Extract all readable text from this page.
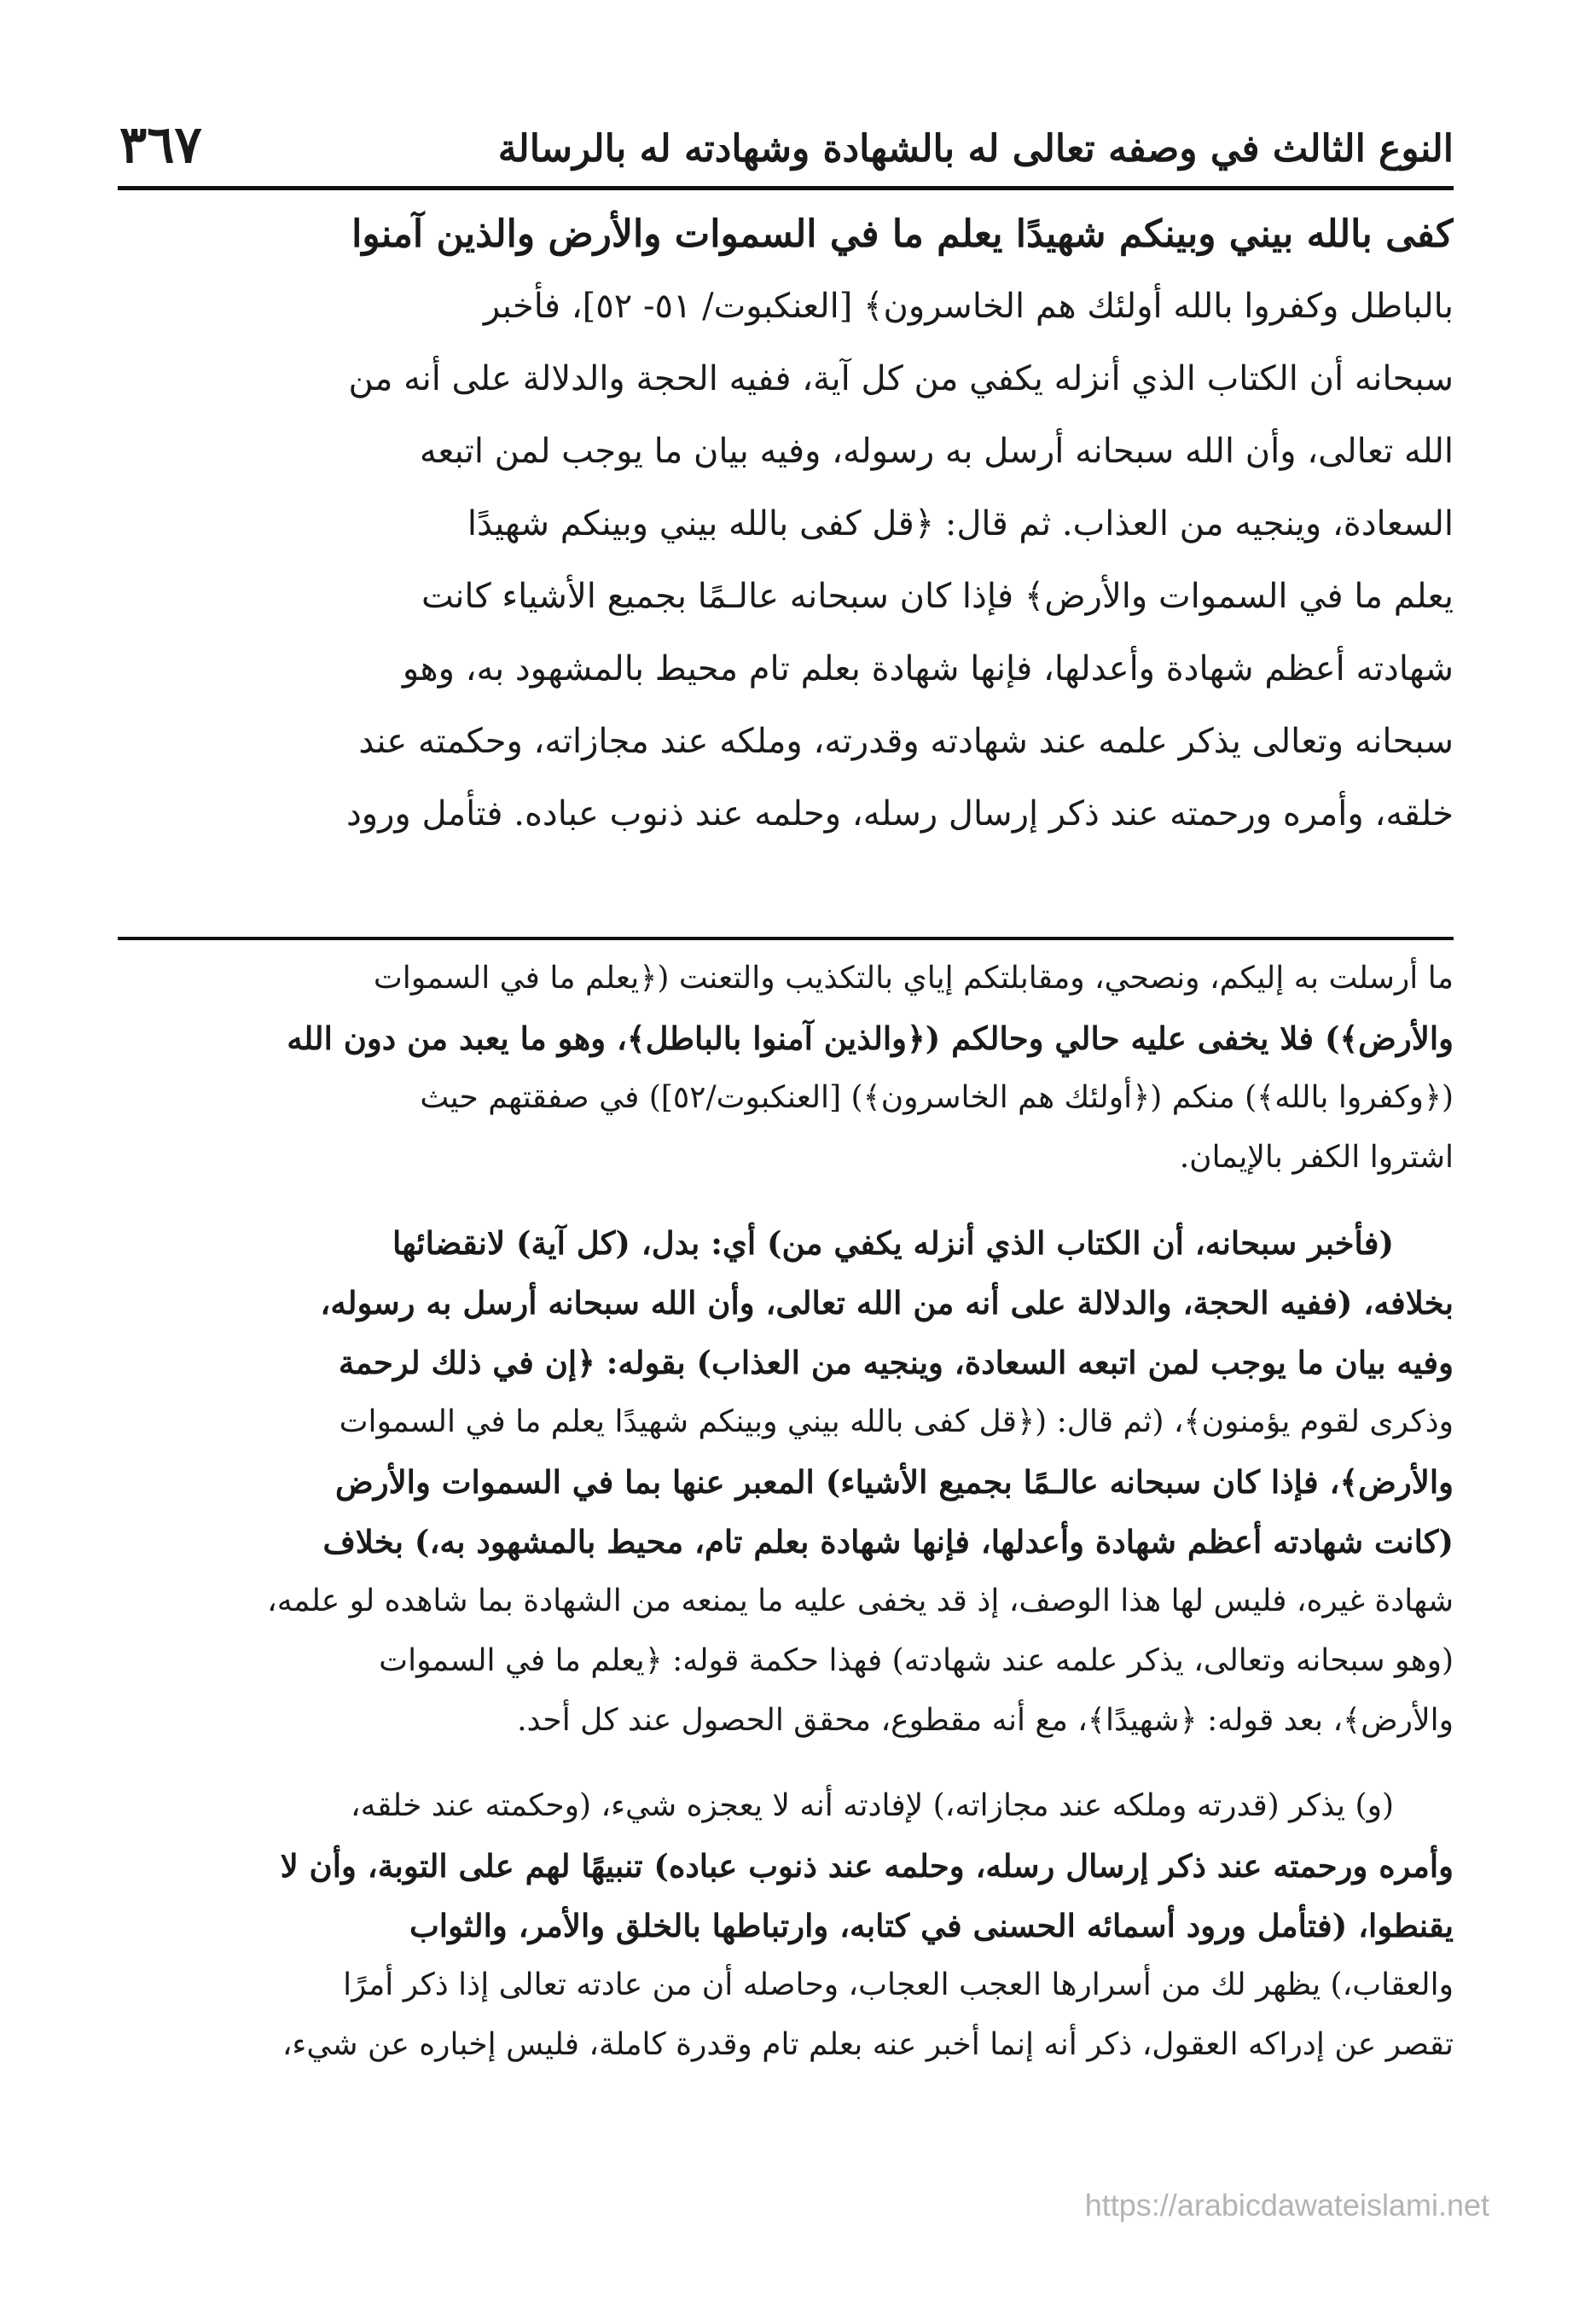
النوع الثالث في وصفه تعالى له بالشهادة وشهادته له بالرسالة
٣٦٧
كفى بالله بيني وبينكم شهيدًا يعلم ما في السموات والأرض والذين آمنوا
بالباطل وكفروا بالله أولئك هم الخاسرون﴾ [العنكبوت/ ٥١- ٥٢]، فأخبر
سبحانه أن الكتاب الذي أنزله يكفي من كل آية، ففيه الحجة والدلالة على أنه من
الله تعالى، وأن الله سبحانه أرسل به رسوله، وفيه بيان ما يوجب لمن اتبعه
السعادة، وينجيه من العذاب. ثم قال: ﴿قل كفى بالله بيني وبينكم شهيدًا
يعلم ما في السموات والأرض﴾ فإذا كان سبحانه عالـمًا بجميع الأشياء كانت
شهادته أعظم شهادة وأعدلها، فإنها شهادة بعلم تام محيط بالمشهود به، وهو
سبحانه وتعالى يذكر علمه عند شهادته وقدرته، وملكه عند مجازاته، وحكمته عند
خلقه، وأمره ورحمته عند ذكر إرسال رسله، وحلمه عند ذنوب عباده. فتأمل ورود
ما أرسلت به إليكم، ونصحي، ومقابلتكم إياي بالتكذيب والتعنت (﴿يعلم ما في السموات
والأرض﴾) فلا يخفى عليه حالي وحالكم (﴿والذين آمنوا بالباطل﴾، وهو ما يعبد من دون الله
(﴿وكفروا بالله﴾) منكم (﴿أولئك هم الخاسرون﴾) [العنكبوت/٥٢]) في صفقتهم حيث
اشتروا الكفر بالإيمان.
(فأخبر سبحانه، أن الكتاب الذي أنزله يكفي من) أي: بدل، (كل آية) لانقضائها
بخلافه، (ففيه الحجة، والدلالة على أنه من الله تعالى، وأن الله سبحانه أرسل به رسوله،
وفيه بيان ما يوجب لمن اتبعه السعادة، وينجيه من العذاب) بقوله: ﴿إن في ذلك لرحمة
وذكرى لقوم يؤمنون﴾، (ثم قال: (﴿قل كفى بالله بيني وبينكم شهيدًا يعلم ما في السموات
والأرض﴾، فإذا كان سبحانه عالـمًا بجميع الأشياء) المعبر عنها بما في السموات والأرض
(كانت شهادته أعظم شهادة وأعدلها، فإنها شهادة بعلم تام، محيط بالمشهود به،) بخلاف
شهادة غيره، فليس لها هذا الوصف، إذ قد يخفى عليه ما يمنعه من الشهادة بما شاهده لو علمه،
(وهو سبحانه وتعالى، يذكر علمه عند شهادته) فهذا حكمة قوله: ﴿يعلم ما في السموات
والأرض﴾، بعد قوله: ﴿شهيدًا﴾، مع أنه مقطوع، محقق الحصول عند كل أحد.
(و) يذكر (قدرته وملكه عند مجازاته،) لإفادته أنه لا يعجزه شيء، (وحكمته عند خلقه،
وأمره ورحمته عند ذكر إرسال رسله، وحلمه عند ذنوب عباده) تنبيهًا لهم على التوبة، وأن لا
يقنطوا، (فتأمل ورود أسمائه الحسنى في كتابه، وارتباطها بالخلق والأمر، والثواب
والعقاب،) يظهر لك من أسرارها العجب العجاب، وحاصله أن من عادته تعالى إذا ذكر أمرًا
تقصر عن إدراكه العقول، ذكر أنه إنما أخبر عنه بعلم تام وقدرة كاملة، فليس إخباره عن شيء،
https://arabicdawateislami.net
